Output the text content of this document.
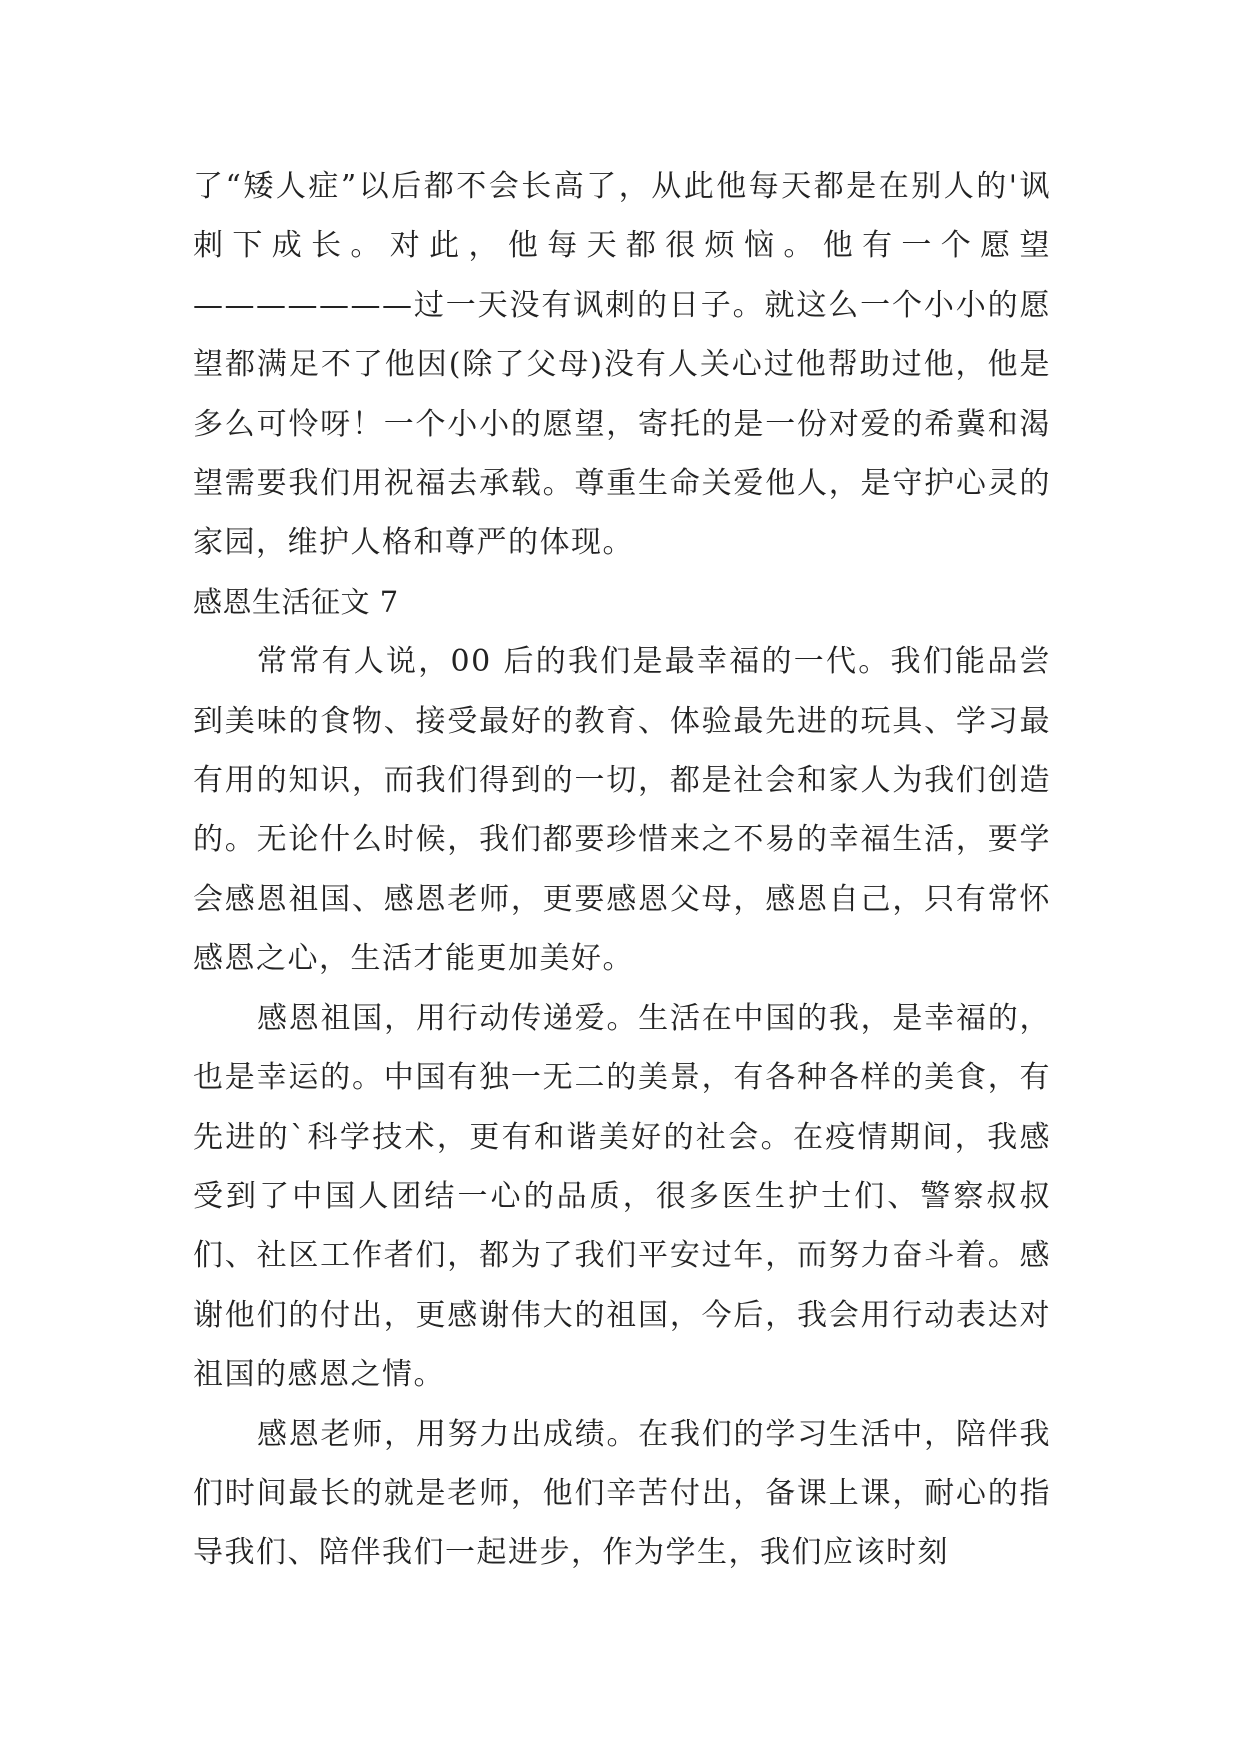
了“矮人症”以后都不会长高了，从此他每天都是在别人的'讽刺下成长。对此，他每天都很烦恼。他有一个愿望———————过一天没有讽刺的日子。就这么一个小小的愿望都满足不了他因(除了父母)没有人关心过他帮助过他，他是多么可怜呀！一个小小的愿望，寄托的是一份对爱的希冀和渴望需要我们用祝福去承载。尊重生命关爱他人，是守护心灵的家园，维护人格和尊严的体现。

感恩生活征文 7

常常有人说，00 后的我们是最幸福的一代。我们能品尝到美味的食物、接受最好的教育、体验最先进的玩具、学习最有用的知识，而我们得到的一切，都是社会和家人为我们创造的。无论什么时候，我们都要珍惜来之不易的幸福生活，要学会感恩祖国、感恩老师，更要感恩父母，感恩自己，只有常怀感恩之心，生活才能更加美好。

感恩祖国，用行动传递爱。生活在中国的我，是幸福的，也是幸运的。中国有独一无二的美景，有各种各样的美食，有先进的`科学技术，更有和谐美好的社会。在疫情期间，我感受到了中国人团结一心的品质，很多医生护士们、警察叔叔们、社区工作者们，都为了我们平安过年，而努力奋斗着。感谢他们的付出，更感谢伟大的祖国，今后，我会用行动表达对祖国的感恩之情。

感恩老师，用努力出成绩。在我们的学习生活中，陪伴我们时间最长的就是老师，他们辛苦付出，备课上课，耐心的指导我们、陪伴我们一起进步，作为学生，我们应该时刻
